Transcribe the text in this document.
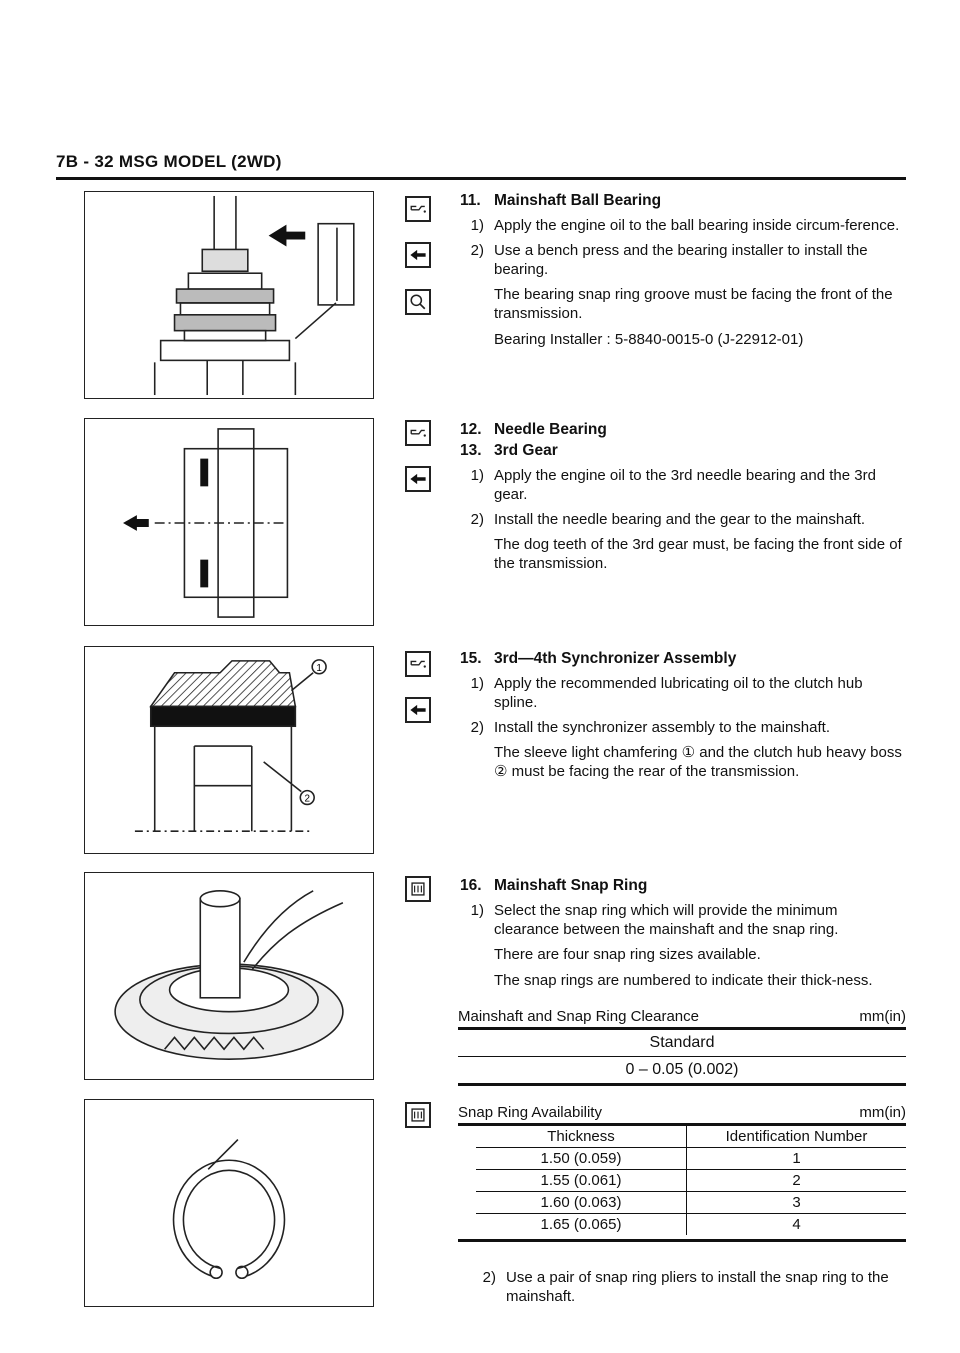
7B - 32 MSG MODEL (2WD)
1
2
11. Mainshaft Ball Bearing
1) Apply the engine oil to the ball bearing inside circum-ference.
2) Use a bench press and the bearing installer to install the bearing.
The bearing snap ring groove must be facing the front of the transmission.
Bearing Installer : 5-8840-0015-0 (J-22912-01)
12. Needle Bearing
13. 3rd Gear
1) Apply the engine oil to the 3rd needle bearing and the 3rd gear.
2) Install the needle bearing and the gear to the mainshaft.
The dog teeth of the 3rd gear must, be facing the front side of the transmission.
15. 3rd—4th Synchronizer Assembly
1) Apply the recommended lubricating oil to the clutch hub spline.
2) Install the synchronizer assembly to the mainshaft.
The sleeve light chamfering ① and the clutch hub heavy boss ② must be facing the rear of the transmission.
16. Mainshaft Snap Ring
1) Select the snap ring which will provide the minimum clearance between the mainshaft and the snap ring.
There are four snap ring sizes available.
The snap rings are numbered to indicate their thick-ness.
Mainshaft and Snap Ring Clearance	mm(in)
Standard
0 – 0.05 (0.002)
Snap Ring Availability	mm(in)
Thickness	Identification Number
1.50 (0.059)	1
1.55 (0.061)	2
1.60 (0.063)	3
1.65 (0.065)	4
2) Use a pair of snap ring pliers to install the snap ring to the mainshaft.
